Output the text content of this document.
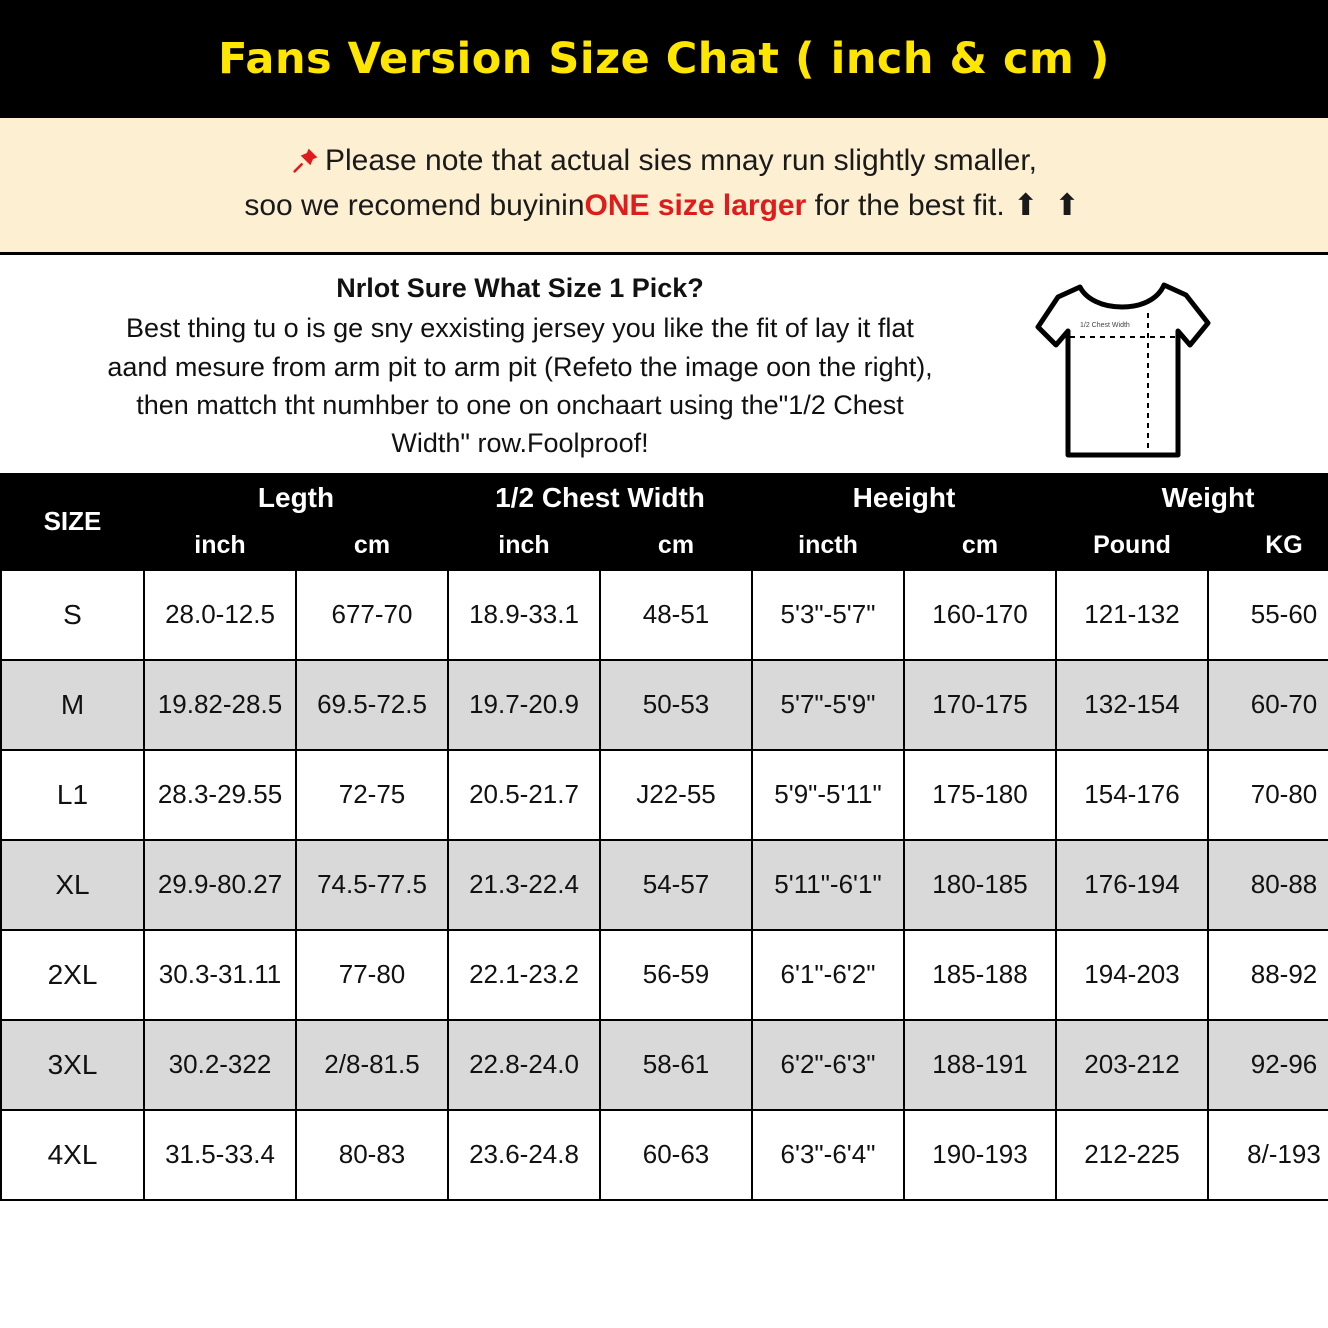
Fans Version Size Chat ( inch & cm )
Please note that actual sies mnay run slightly smaller,
soo we recomend buyininONE size larger for the best fit. ⬆ ⬆
Nrlot Sure What Size 1 Pick?
Best thing tu o is ge sny exxisting jersey you like the fit of lay it flat
aand mesure from arm pit to arm pit (Refeto the image oon the right),
then mattch tht numhber to one on onchaart using the"1/2 Chest
Width" row.Foolproof!
1/2 Chest Width
SIZE	Legth		1/2 Chest Width		Heeight		Weight	
	inch	cm	inch	cm	incth	cm	Pound	KG
S	28.0-12.5	677-70	18.9-33.1	48-51	5'3"-5'7"	160-170	121-132	55-60
M	19.82-28.5	69.5-72.5	19.7-20.9	50-53	5'7"-5'9"	170-175	132-154	60-70
L1	28.3-29.55	72-75	20.5-21.7	J22-55	5'9"-5'11"	175-180	154-176	70-80
XL	29.9-80.27	74.5-77.5	21.3-22.4	54-57	5'11"-6'1"	180-185	176-194	80-88
2XL	30.3-31.11	77-80	22.1-23.2	56-59	6'1"-6'2"	185-188	194-203	88-92
3XL	30.2-322	2/8-81.5	22.8-24.0	58-61	6'2"-6'3"	188-191	203-212	92-96
4XL	31.5-33.4	80-83	23.6-24.8	60-63	6'3"-6'4"	190-193	212-225	8/-193
